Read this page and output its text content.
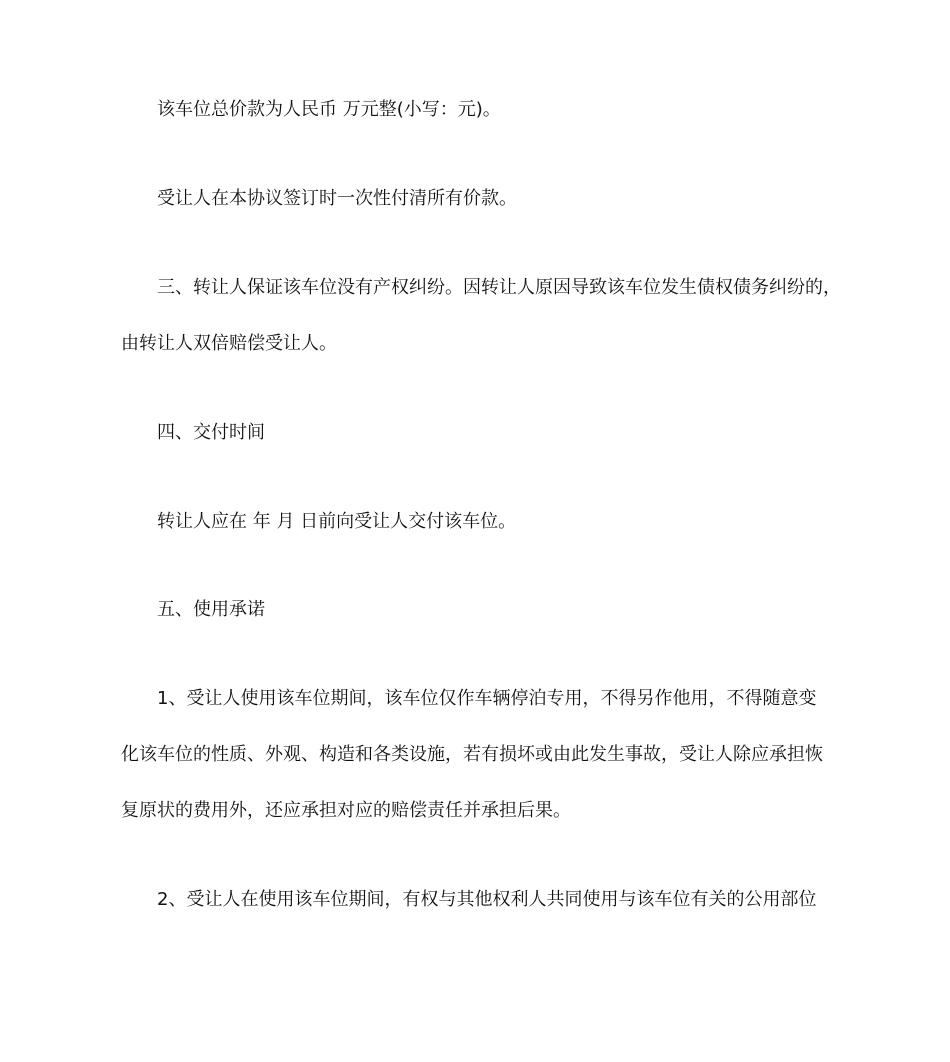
该车位总价款为人民币 万元整(小写：元)。
受让人在本协议签订时一次性付清所有价款。
三、转让人保证该车位没有产权纠纷。因转让人原因导致该车位发生债权债务纠纷的，
由转让人双倍赔偿受让人。
四、交付时间
转让人应在 年 月 日前向受让人交付该车位。
五、使用承诺
1、受让人使用该车位期间，该车位仅作车辆停泊专用，不得另作他用，不得随意变
化该车位的性质、外观、构造和各类设施，若有损坏或由此发生事故，受让人除应承担恢
复原状的费用外，还应承担对应的赔偿责任并承担后果。
2、受让人在使用该车位期间，有权与其他权利人共同使用与该车位有关的公用部位
